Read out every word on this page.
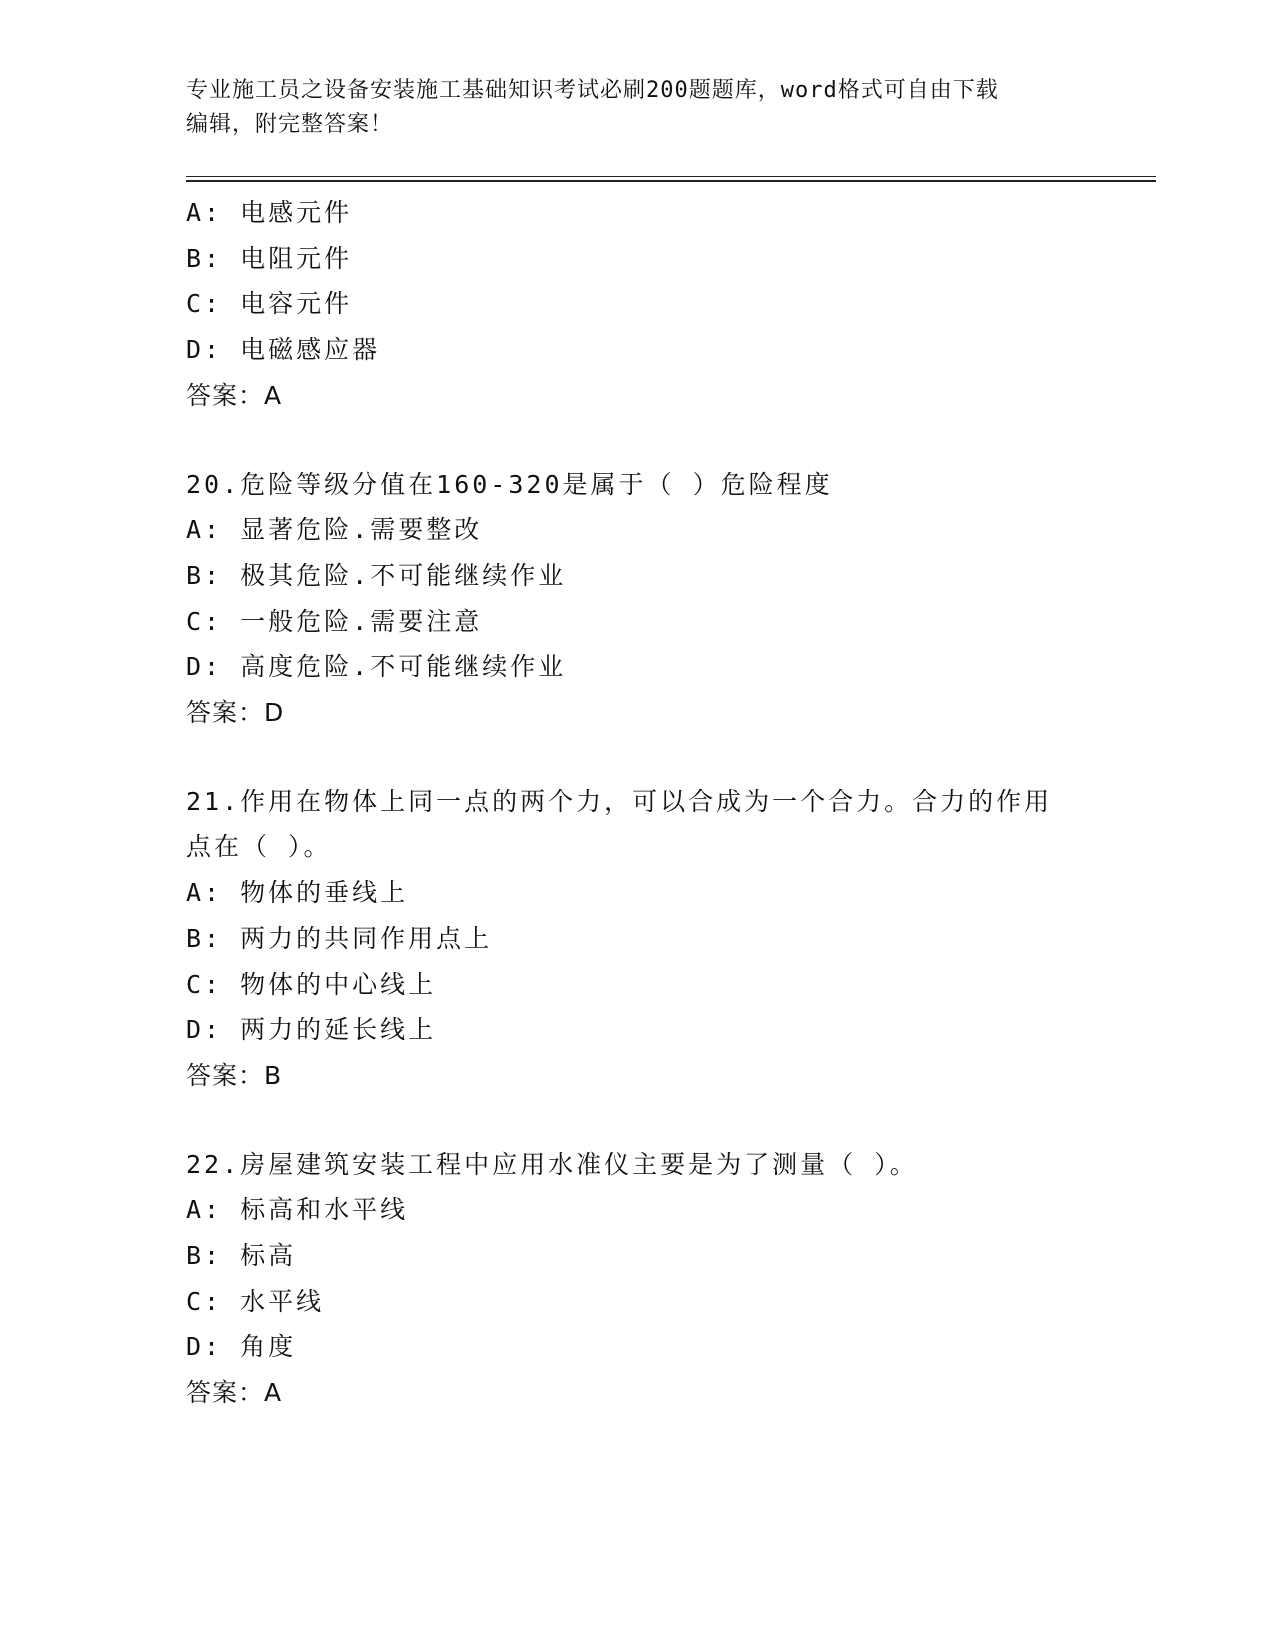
专业施工员之设备安装施工基础知识考试必刷200题题库，word格式可自由下载
编辑，附完整答案！
A: 电感元件
B: 电阻元件
C: 电容元件
D: 电磁感应器
答案：A
20.危险等级分值在160-320是属于（ ）危险程度
A: 显著危险.需要整改
B: 极其危险.不可能继续作业
C: 一般危险.需要注意
D: 高度危险.不可能继续作业
答案：D
21.作用在物体上同一点的两个力，可以合成为一个合力。合力的作用
点在（ ）。
A: 物体的垂线上
B: 两力的共同作用点上
C: 物体的中心线上
D: 两力的延长线上
答案：B
22.房屋建筑安装工程中应用水准仪主要是为了测量（ ）。
A: 标高和水平线
B: 标高
C: 水平线
D: 角度
答案：A
